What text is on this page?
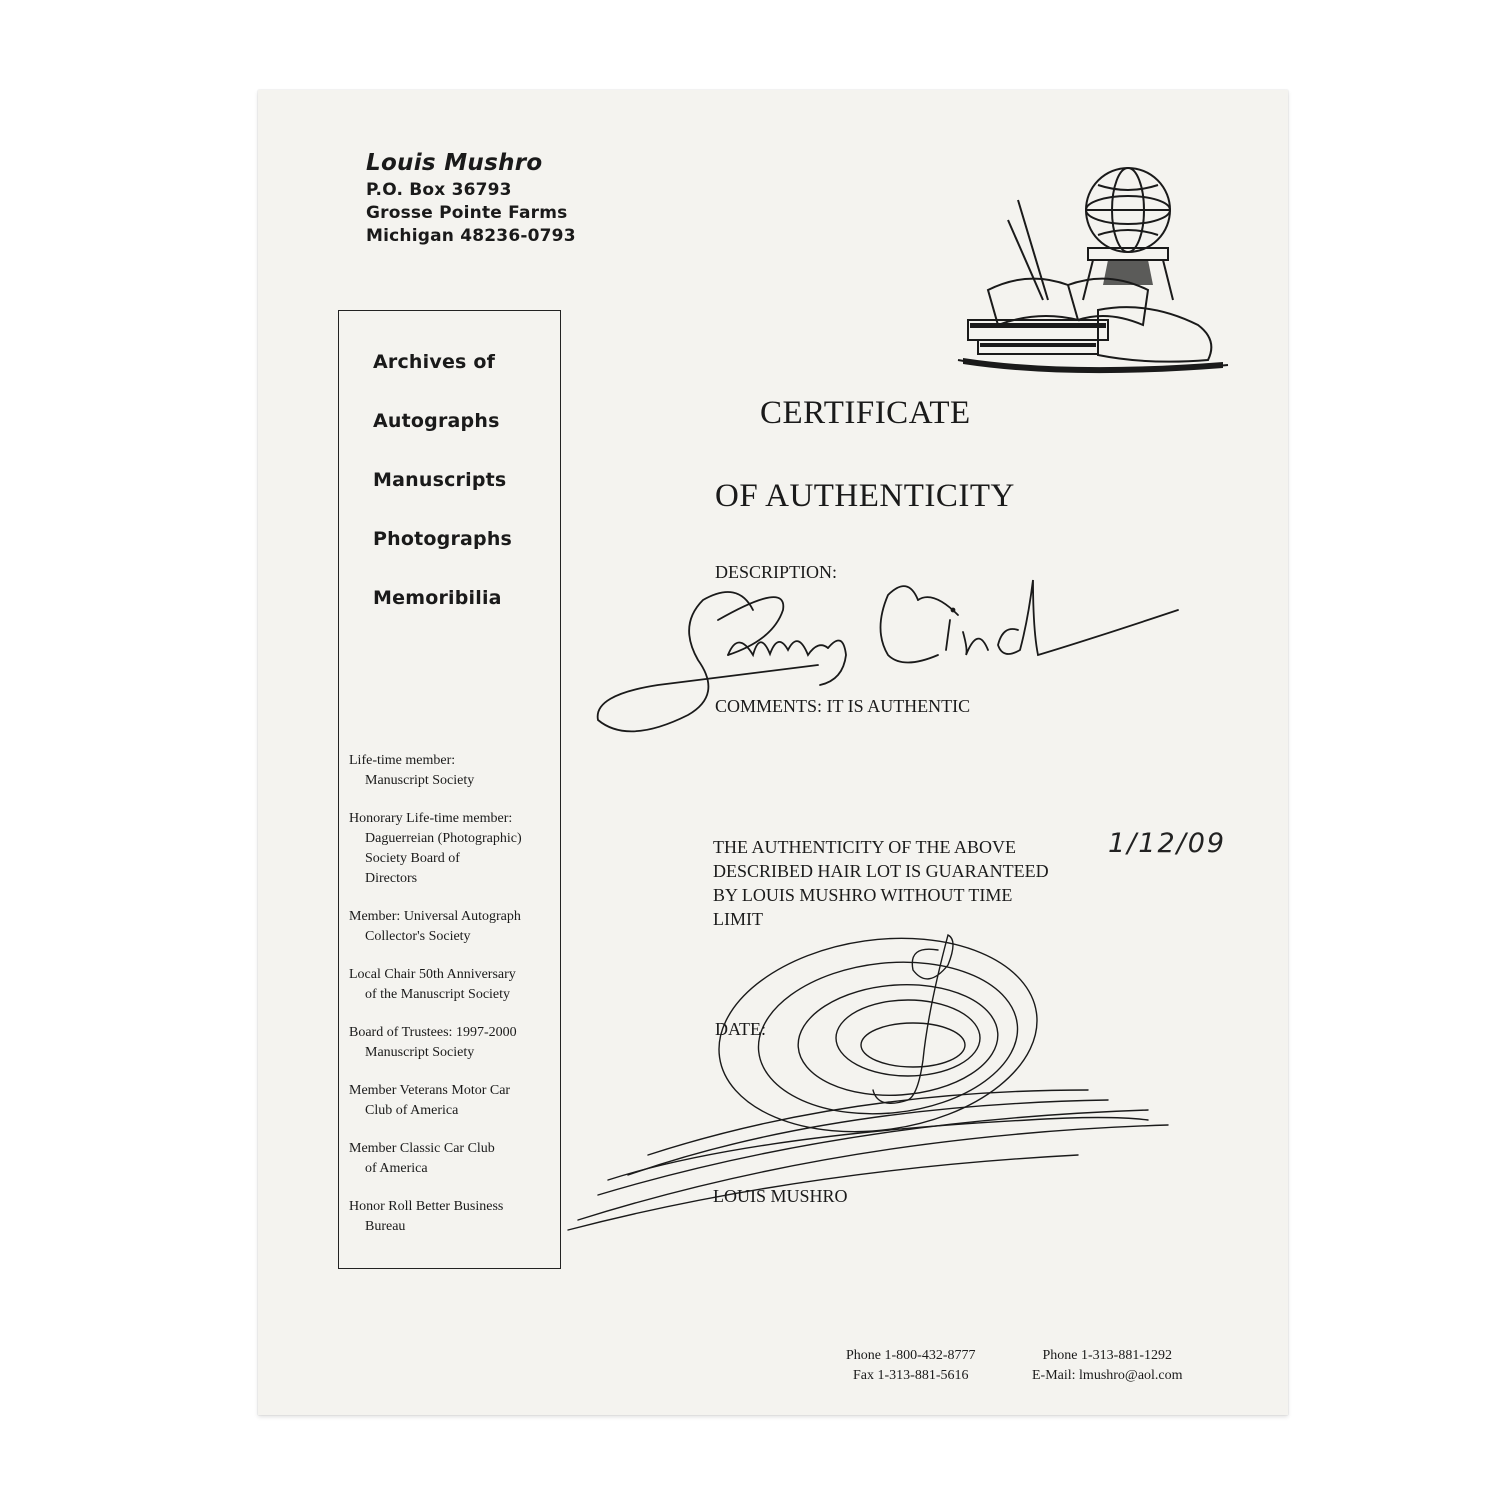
Louis Mushro
P.O. Box 36793
Grosse Pointe Farms
Michigan 48236-0793
Archives of
Autographs
Manuscripts
Photographs
Memoribilia
Life-time member:
Manuscript Society
Honorary Life-time member:
Daguerreian (Photographic)
Society Board of
Directors
Member: Universal Autograph
Collector's Society
Local Chair 50th Anniversary
of the Manuscript Society
Board of Trustees: 1997-2000
Manuscript Society
Member Veterans Motor Car
Club of America
Member Classic Car Club
of America
Honor Roll Better Business
Bureau
CERTIFICATE
OF AUTHENTICITY
DESCRIPTION:
COMMENTS: IT IS AUTHENTIC
THE AUTHENTICITY OF THE ABOVE
DESCRIBED HAIR LOT IS GUARANTEED
BY LOUIS MUSHRO WITHOUT TIME
LIMIT
1/12/09
DATE:
LOUIS MUSHRO
Phone 1-800-432-8777
Fax 1-313-881-5616
Phone 1-313-881-1292
E-Mail: lmushro@aol.com
